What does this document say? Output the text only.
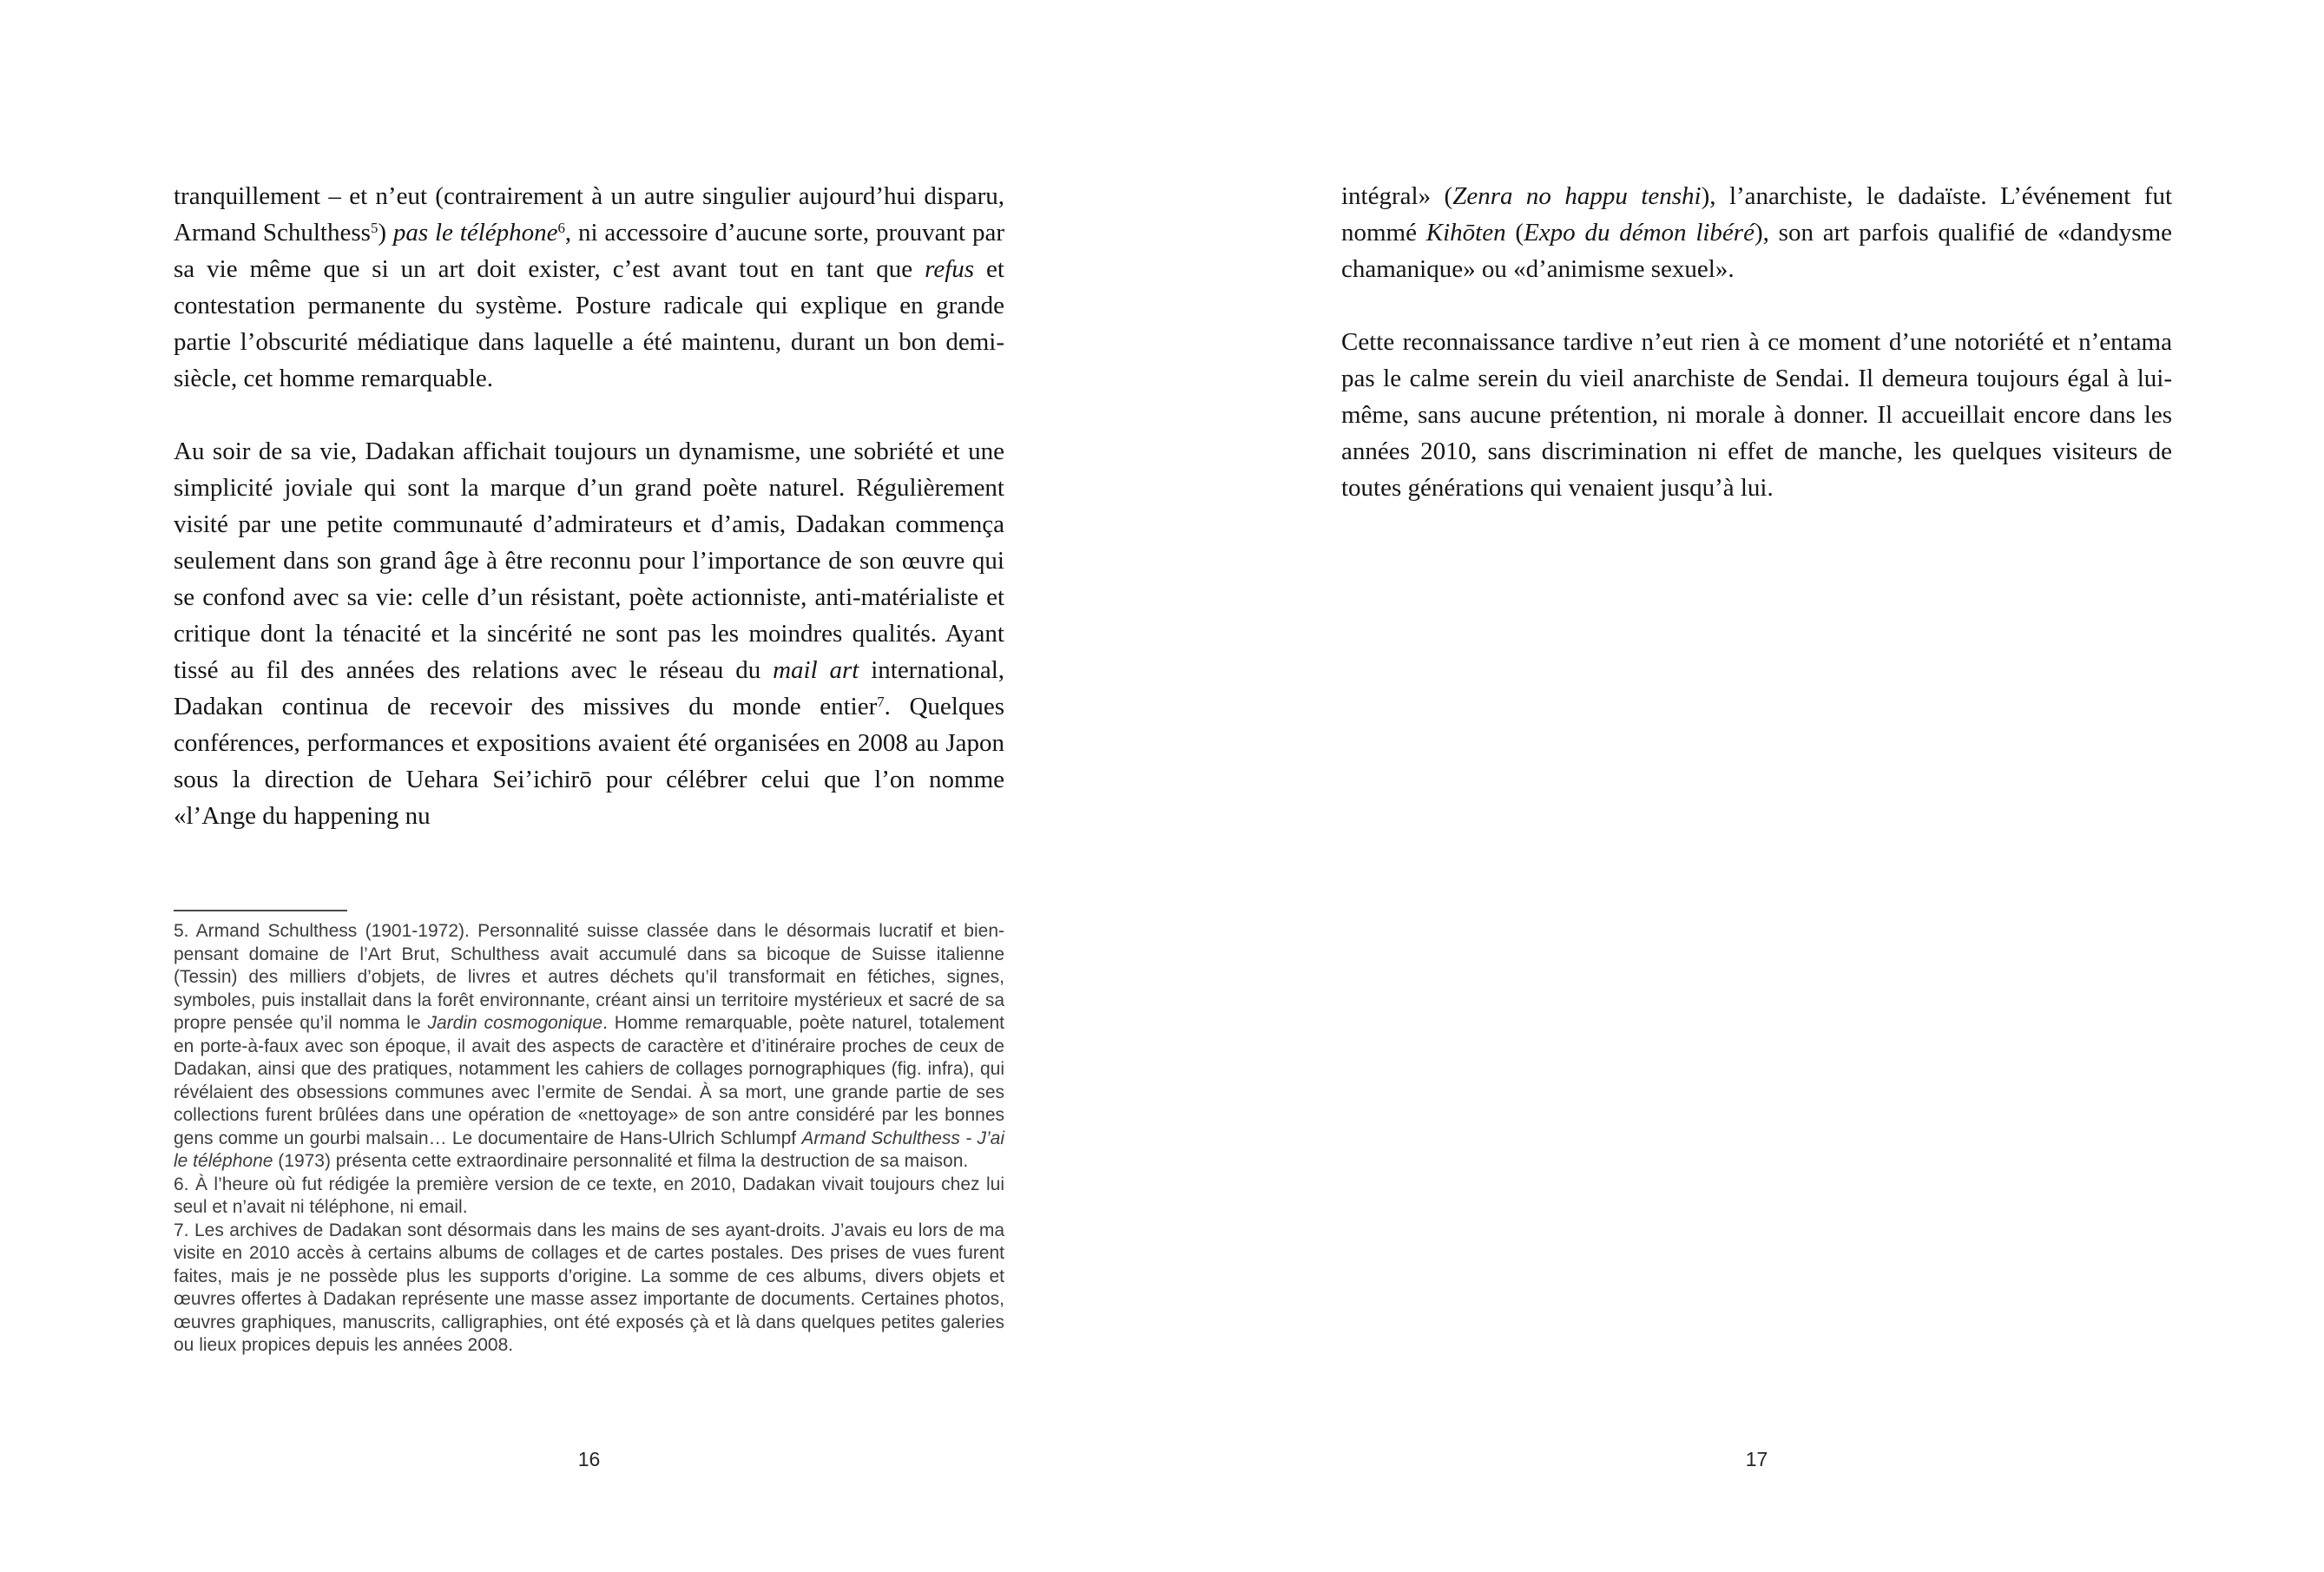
tranquillement – et n’eut (contrairement à un autre singulier aujourd’hui disparu, Armand Schulthess$^5$) pas le téléphone$^6$, ni accessoire d’aucune sorte, prouvant par sa vie même que si un art doit exister, c’est avant tout en tant que refus et contestation permanente du système. Posture radicale qui explique en grande partie l’obscurité médiatique dans laquelle a été maintenu, durant un bon demi-siècle, cet homme remarquable.

Au soir de sa vie, Dadakan affichait toujours un dynamisme, une sobriété et une simplicité joviale qui sont la marque d’un grand poète naturel. Régulièrement visité par une petite communauté d’admirateurs et d’amis, Dadakan commença seulement dans son grand âge à être reconnu pour l’importance de son œuvre qui se confond avec sa vie: celle d’un résistant, poète actionniste, anti-matérialiste et critique dont la ténacité et la sincérité ne sont pas les moindres qualités. Ayant tissé au fil des années des relations avec le réseau du mail art international, Dadakan continua de recevoir des missives du monde entier$^7$. Quelques conférences, performances et expositions avaient été organisées en 2008 au Japon sous la direction de Uehara Sei’ichirō pour célébrer celui que l’on nomme «l’Ange du happening nu

5. Armand Schulthess (1901-1972). Personnalité suisse classée dans le désormais lucratif et bien-pensant domaine de l’Art Brut, Schulthess avait accumulé dans sa bicoque de Suisse italienne (Tessin) des milliers d’objets, de livres et autres déchets qu’il transformait en fétiches, signes, symboles, puis installait dans la forêt environnante, créant ainsi un territoire mystérieux et sacré de sa propre pensée qu’il nomma le Jardin cosmogonique. Homme remarquable, poète naturel, totalement en porte-à-faux avec son époque, il avait des aspects de caractère et d’itinéraire proches de ceux de Dadakan, ainsi que des pratiques, notamment les cahiers de collages pornographiques (fig. infra), qui révélaient des obsessions communes avec l’ermite de Sendai. À sa mort, une grande partie de ses collections furent brûlées dans une opération de «nettoyage» de son antre considéré par les bonnes gens comme un gourbi malsain… Le documentaire de Hans-Ulrich Schlumpf Armand Schulthess - J’ai le téléphone (1973) présenta cette extraordinaire personnalité et filma la destruction de sa maison.

6. À l’heure où fut rédigée la première version de ce texte, en 2010, Dadakan vivait toujours chez lui seul et n’avait ni téléphone, ni email.

7. Les archives de Dadakan sont désormais dans les mains de ses ayant-droits. J’avais eu lors de ma visite en 2010 accès à certains albums de collages et de cartes postales. Des prises de vues furent faites, mais je ne possède plus les supports d’origine. La somme de ces albums, divers objets et œuvres offertes à Dadakan représente une masse assez importante de documents. Certaines photos, œuvres graphiques, manuscrits, calligraphies, ont été exposés çà et là dans quelques petites galeries ou lieux propices depuis les années 2008.

16

intégral» (Zenra no happu tenshi), l’anarchiste, le dadaïste. L’événement fut nommé Kihōten (Expo du démon libéré), son art parfois qualifié de «dandysme chamanique» ou «d’animisme sexuel».

Cette reconnaissance tardive n’eut rien à ce moment d’une notoriété et n’entama pas le calme serein du vieil anarchiste de Sendai. Il demeura toujours égal à lui-même, sans aucune prétention, ni morale à donner. Il accueillait encore dans les années 2010, sans discrimination ni effet de manche, les quelques visiteurs de toutes générations qui venaient jusqu’à lui.

17
